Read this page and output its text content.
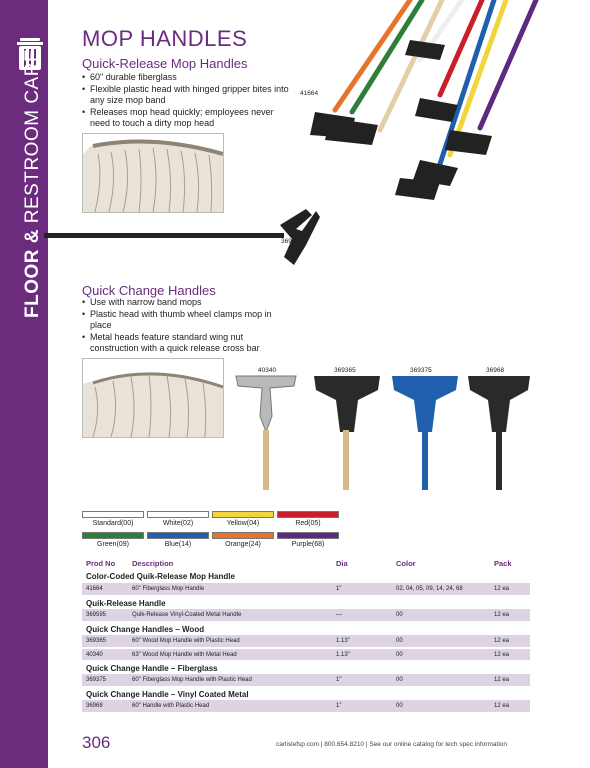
FLOOR & RESTROOM CARE
MOP HANDLES
Quick-Release Mop Handles
• 60" durable fiberglass
• Flexible plastic head with hinged gripper bites into any size mop band
• Releases mop head quickly; employees never need to touch a dirty mop head
369595
41664
Quick Change Handles
• Use with narrow band mops
• Plastic head with thumb wheel clamps mop in place
• Metal heads feature standard wing nut construction with a quick release cross bar
40340	369365	369375	36968
Standard(00)	White(02)	Yellow(04)	Red(05)
Green(09)	Blue(14)	Orange(24)	Purple(68)
Prod No	Description	Dia	Color	Pack
Color-Coded Quik-Release Mop Handle				
41664	60" Fiberglass Mop Handle	1"	02, 04, 05, 09, 14, 24, 68	12 ea
Quik-Release Handle				
369595	Quik-Release Vinyl-Coated Metal Handle	—	00	12 ea
Quick Change Handles – Wood				
369365	60" Wood Mop Handle with Plastic Head	1.13"	00	12 ea
40340	63" Wood Mop Handle with Metal Head	1.13"	00	12 ea
Quick Change Handle – Fiberglass				
369375	60" Fiberglass Mop Handle with Plastic Head	1"	00	12 ea
Quick Change Handle – Vinyl Coated Metal				
36968	60" Handle with Plastic Head	1"	00	12 ea
306	carlislefsp.com | 800.654.8210 | See our online catalog for tech spec information
